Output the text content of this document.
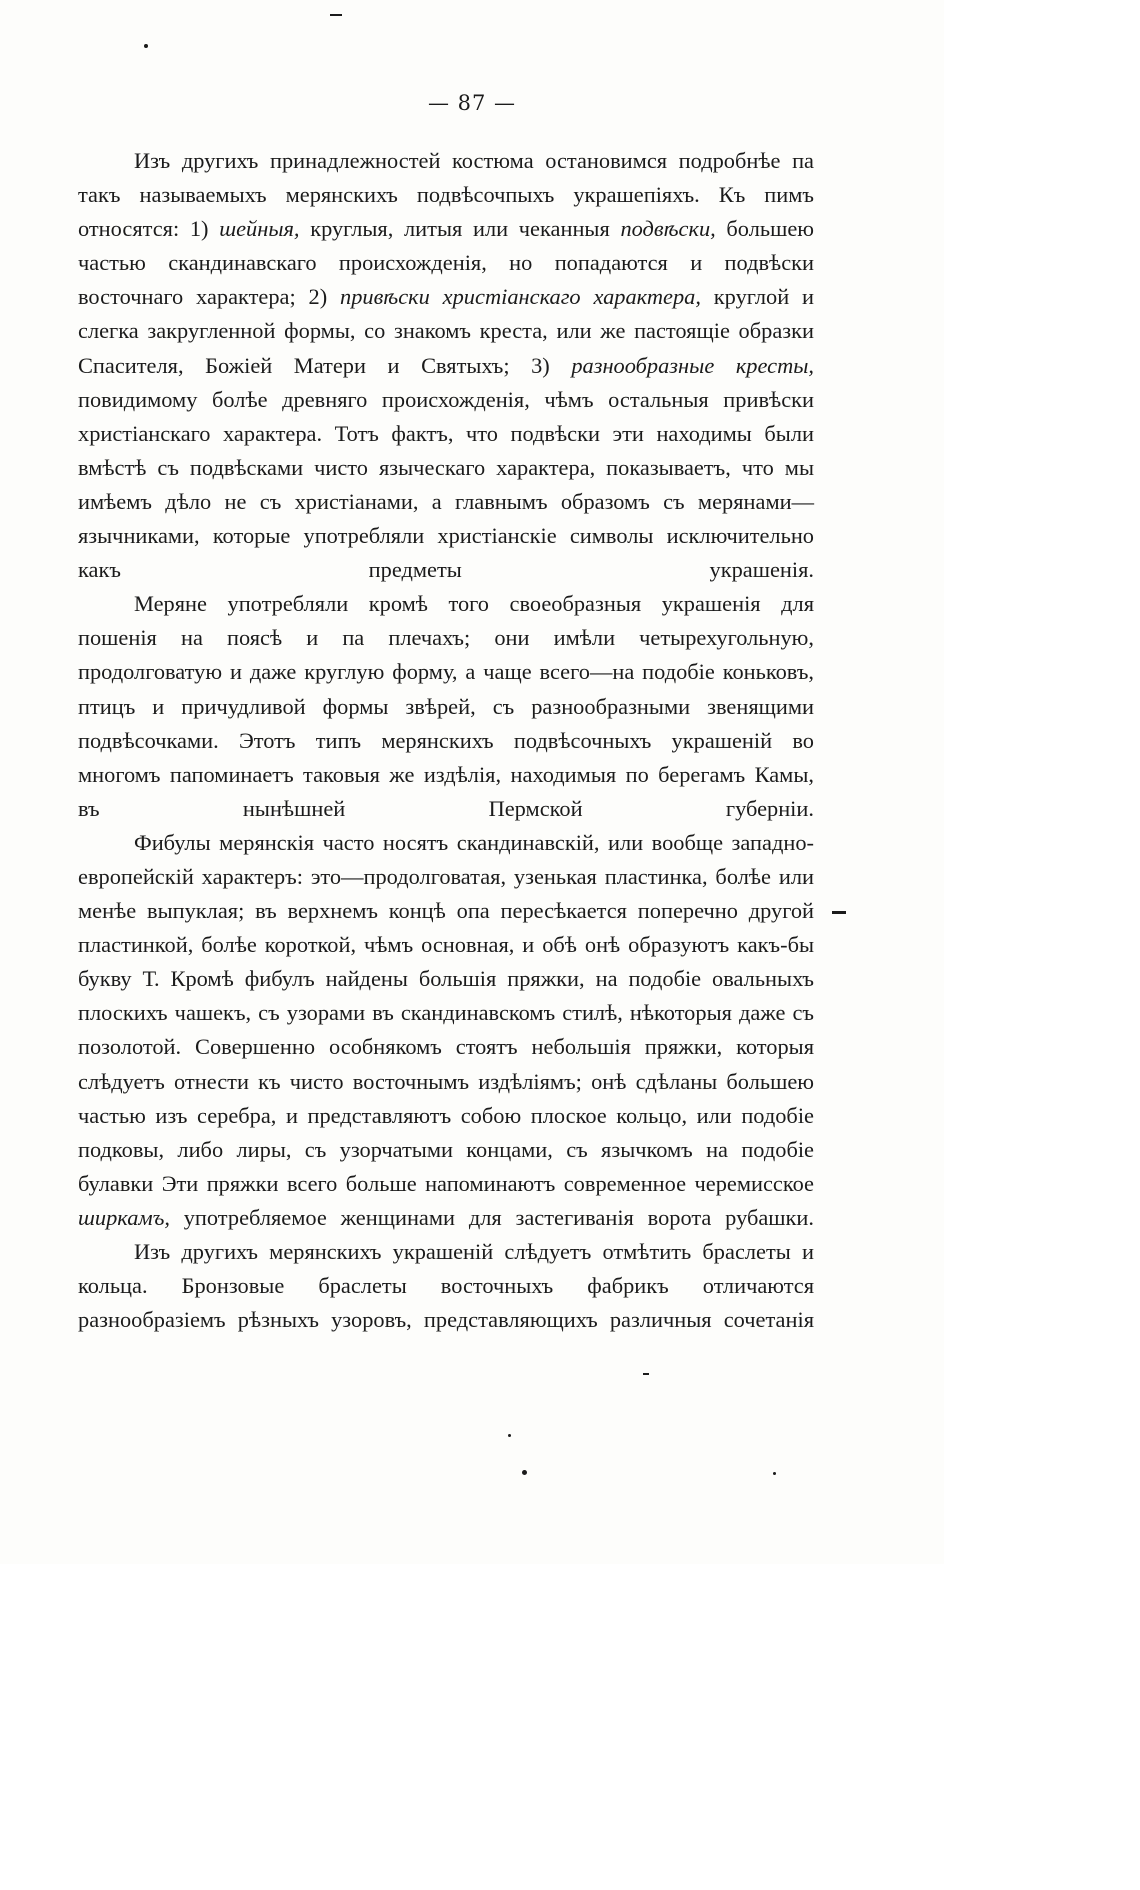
— 87 —

Изъ другихъ принадлежностей костюма остановимся подробнѣе па такъ называемыхъ мерянскихъ подвѣсочпыхъ украшепіяхъ. Къ пимъ относятся: 1) шейныя, круглыя, литыя или чеканныя подвѣски, большею частью скандинавскаго происхожденія, но попадаются и подвѣски восточнаго характера; 2) привѣски христіанскаго характера, круглой и слегка закругленной формы, со знакомъ креста, или же пастоящіе образки Спасителя, Божіей Матери и Святыхъ; 3) разнообразные кресты, повидимому болѣе древняго происхожденія, чѣмъ остальныя привѣски христіанскаго характера. Тотъ фактъ, что подвѣски эти находимы были вмѣстѣ съ подвѣсками чисто языческаго характера, показываетъ, что мы имѣемъ дѣло не съ христіанами, а главнымъ образомъ съ мерянами—язычниками, которые употребляли христіанскіе символы исключительно какъ предметы украшенія.

Меряне употребляли кромѣ того своеобразныя украшенія для пошенія на поясѣ и па плечахъ; они имѣли четырехугольную, продолговатую и даже круглую форму, а чаще всего—на подобіе коньковъ, птицъ и причудливой формы звѣрей, съ разнообразными звенящими подвѣсочками. Этотъ типъ мерянскихъ подвѣсочныхъ украшеній во многомъ папоминаетъ таковыя же издѣлія, находимыя по берегамъ Камы, въ нынѣшней Пермской губерніи.

Фибулы мерянскія часто носятъ скандинавскій, или вообще западно-европейскій характеръ: это—продолговатая, узенькая пластинка, болѣе или менѣе выпуклая; въ верхнемъ концѣ опа пересѣкается поперечно другой пластинкой, болѣе короткой, чѣмъ основная, и обѣ онѣ образуютъ какъ-бы букву Т. Кромѣ фибулъ найдены большія пряжки, на подобіе овальныхъ плоскихъ чашекъ, съ узорами въ скандинавскомъ стилѣ, нѣкоторыя даже съ позолотой. Совершенно особнякомъ стоятъ небольшія пряжки, которыя слѣдуетъ отнести къ чисто восточнымъ издѣліямъ; онѣ сдѣланы большею частью изъ серебра, и представляютъ собою плоское кольцо, или подобіе подковы, либо лиры, съ узорчатыми концами, съ язычкомъ на подобіе булавки Эти пряжки всего больше напоминаютъ современное черемисское ширкамъ, употребляемое женщинами для застегиванія ворота рубашки.

Изъ другихъ мерянскихъ украшеній слѣдуетъ отмѣтить браслеты и кольца. Бронзовые браслеты восточныхъ фабрикъ отличаются разнообразіемъ рѣзныхъ узоровъ, представляющихъ различныя сочетанія
